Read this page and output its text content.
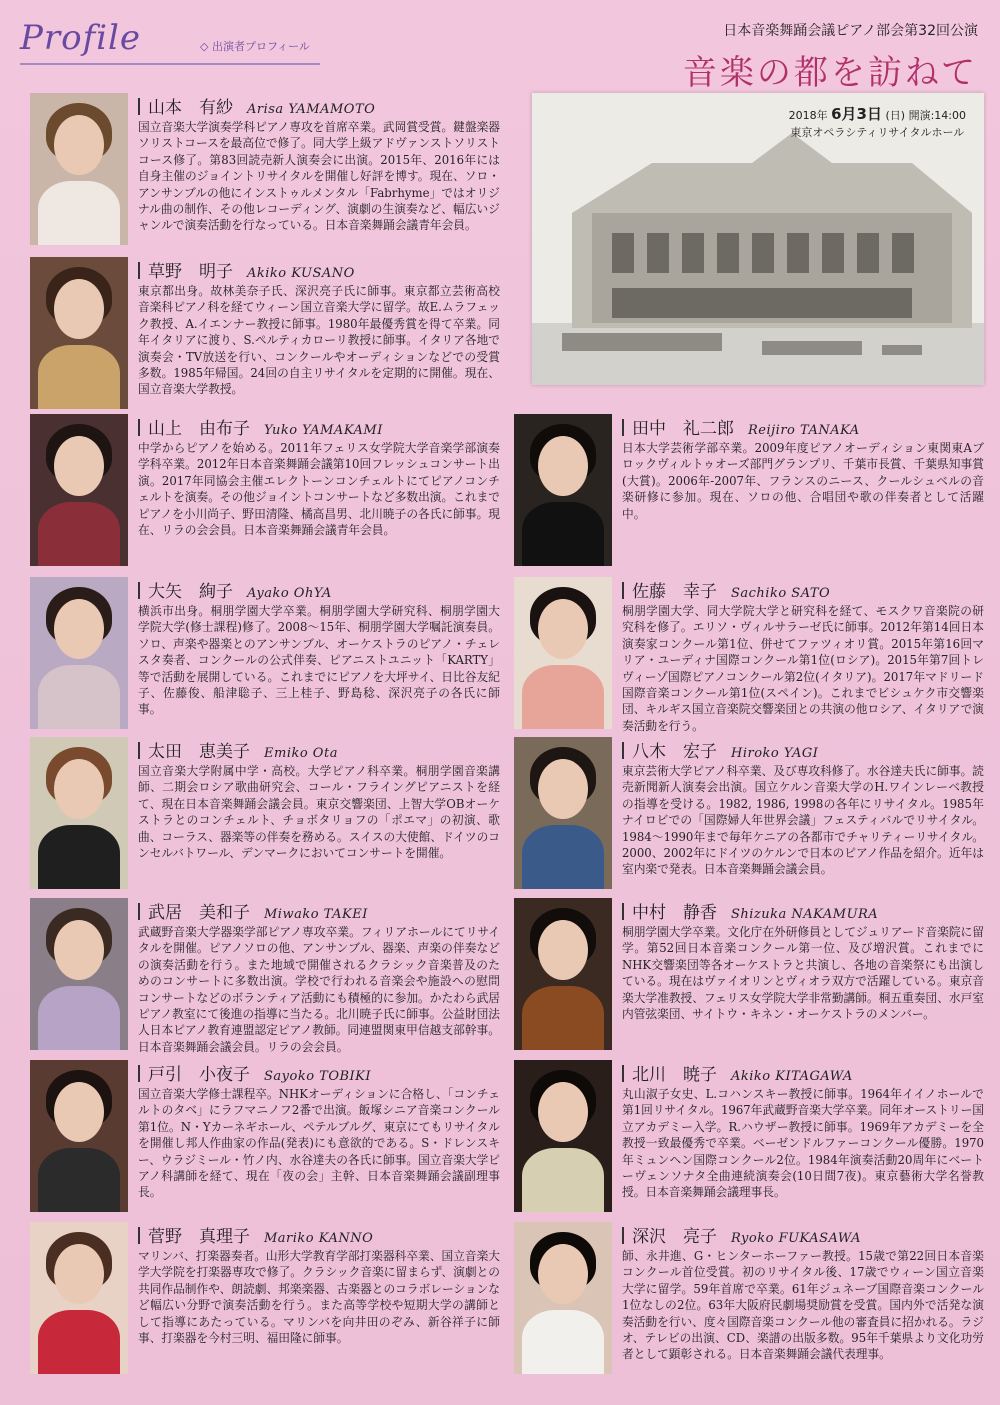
Profile	◇ 出演者プロフィール
日本音楽舞踊会議ピアノ部会第32回公演
音楽の都を訪ねて
2018年 6月3日 (日) 開演:14:00
東京オペラシティリサイタルホール
山本　有紗 Arisa YAMAMOTO
国立音楽大学演奏学科ピアノ専攻を首席卒業。武岡賞受賞。鍵盤楽器ソリストコースを最高位で修了。同大学上級アドヴァンストソリストコース修了。第83回読売新人演奏会に出演。2015年、2016年には自身主催のジョイントリサイタルを開催し好評を博す。現在、ソロ・アンサンブルの他にインストゥルメンタル「Fabrhyme」ではオリジナル曲の制作、その他レコーディング、演劇の生演奏など、幅広いジャンルで演奏活動を行なっている。日本音楽舞踊会議青年会員。
草野　明子 Akiko KUSANO
東京都出身。故林美奈子氏、深沢亮子氏に師事。東京都立芸術高校音楽科ピアノ科を経てウィーン国立音楽大学に留学。故E.ムラフェック教授、A.イエンナー教授に師事。1980年最優秀賞を得て卒業。同年イタリアに渡り、S.ペルティカローリ教授に師事。イタリア各地で演奏会・TV放送を行い、コンクールやオーディションなどでの受賞多数。1985年帰国。24回の自主リサイタルを定期的に開催。現在、国立音楽大学教授。
山上　由布子 Yuko YAMAKAMI
中学からピアノを始める。2011年フェリス女学院大学音楽学部演奏学科卒業。2012年日本音楽舞踊会議第10回フレッシュコンサート出演。2017年同協会主催エレクトーンコンチェルトにてピアノコンチェルトを演奏。その他ジョイントコンサートなど多数出演。これまでピアノを小川尚子、野田清隆、橘高昌男、北川暁子の各氏に師事。現在、リラの会会員。日本音楽舞踊会議青年会員。
大矢　絢子 Ayako OhYA
横浜市出身。桐朋学園大学卒業。桐朋学園大学研究科、桐朋学園大学院大学(修士課程)修了。2008～15年、桐朋学園大学嘱託演奏員。ソロ、声楽や器楽とのアンサンブル、オーケストラのピアノ・チェレスタ奏者、コンクールの公式伴奏、ピアニストユニット「KARTY」等で活動を展開している。これまでにピアノを大坪サイ、日比谷友紀子、佐藤俊、船津聡子、三上桂子、野島稔、深沢亮子の各氏に師事。
太田　恵美子 Emiko Ota
国立音楽大学附属中学・高校。大学ピアノ科卒業。桐朋学園音楽講師、二期会ロシア歌曲研究会、コール・フライングピアニストを経て、現在日本音楽舞踊会議会員。東京交響楽団、上智大学OBオーケストラとのコンチェルト、チョボタリョフの「ポエマ」の初演、歌曲、コーラス、器楽等の伴奏を務める。スイスの大使館、ドイツのコンセルバトワール、デンマークにおいてコンサートを開催。
武居　美和子 Miwako TAKEI
武蔵野音楽大学器楽学部ピアノ専攻卒業。フィリアホールにてリサイタルを開催。ピアノソロの他、アンサンブル、器楽、声楽の伴奏などの演奏活動を行う。また地域で開催されるクラシック音楽普及のためのコンサートに多数出演。学校で行われる音楽会や施設への慰問コンサートなどのボランティア活動にも積極的に参加。かたわら武居ピアノ教室にて後進の指導に当たる。北川暁子氏に師事。公益財団法人日本ピアノ教育連盟認定ピアノ教師。同連盟関東甲信越支部幹事。日本音楽舞踊会議会員。リラの会会員。
戸引　小夜子 Sayoko TOBIKI
国立音楽大学修士課程卒。NHKオーディションに合格し、「コンチェルトのタべ」にラフマニノフ2番で出演。飯塚シニア音楽コンクール第1位。N・Yカーネギホール、ペテルブルグ、東京にてもリサイタルを開催し邦人作曲家の作品(発表)にも意欲的である。S・ドレンスキー、ウラジミール・竹ノ内、水谷達夫の各氏に師事。国立音楽大学ピアノ科講師を経て、現在「夜の会」主幹、日本音楽舞踊会議副理事長。
菅野　真理子 Mariko KANNO
マリンバ、打楽器奏者。山形大学教育学部打楽器科卒業、国立音楽大学大学院を打楽器専攻で修了。クラシック音楽に留まらず、演劇との共同作品制作や、朗読劇、邦楽楽器、古楽器とのコラボレーションなど幅広い分野で演奏活動を行う。また高等学校や短期大学の講師として指導にあたっている。マリンバを向井田のぞみ、新谷祥子に師事、打楽器を今村三明、福田隆に師事。
田中　礼二郎 Reijiro TANAKA
日本大学芸術学部卒業。2009年度ピアノオーディション東関東Aブロックヴィルトゥオーズ部門グランプリ、千葉市長賞、千葉県知事賞(大賞)。2006年-2007年、フランスのニース、クールシュベルの音楽研修に参加。現在、ソロの他、合唱団や歌の伴奏者として活躍中。
佐藤　幸子 Sachiko SATO
桐朋学園大学、同大学院大学と研究科を経て、モスクワ音楽院の研究科を修了。エリソ・ヴィルサラーゼ氏に師事。2012年第14回日本演奏家コンクール第1位、併せてファツィオリ賞。2015年第16回マリア・ユーディナ国際コンクール第1位(ロシア)。2015年第7回トレヴィーゾ国際ピアノコンクール第2位(イタリア)。2017年マドリード国際音楽コンクール第1位(スペイン)。これまでビシュケク市交響楽団、キルギス国立音楽院交響楽団との共演の他ロシア、イタリアで演奏活動を行う。
八木　宏子 Hiroko YAGI
東京芸術大学ピアノ科卒業、及び専攻科修了。水谷達夫氏に師事。読売新聞新人演奏会出演。国立ケルン音楽大学のH.ワインレーベ教授の指導を受ける。1982, 1986, 1998の各年にリサイタル。1985年ナイロビでの「国際婦人年世界会議」フェスティバルでリサイタル。1984～1990年まで毎年ケニアの各都市でチャリティーリサイタル。2000、2002年にドイツのケルンで日本のピアノ作品を紹介。近年は室内楽で発表。日本音楽舞踊会議会員。
中村　静香 Shizuka NAKAMURA
桐朋学園大学卒業。文化庁在外研修員としてジュリアード音楽院に留学。第52回日本音楽コンクール第一位、及び増沢賞。これまでにNHK交響楽団等各オーケストラと共演し、各地の音楽祭にも出演している。現在はヴァイオリンとヴィオラ双方で活躍している。東京音楽大学准教授、フェリス女学院大学非常勤講師。桐五重奏団、水戸室内管弦楽団、サイトウ・キネン・オーケストラのメンバー。
北川　暁子 Akiko KITAGAWA
丸山淑子女史、L.コハンスキー教授に師事。1964年イイノホールで第1回リサイタル。1967年武蔵野音楽大学卒業。同年オーストリー国立アカデミー入学。R.ハウザー教授に師事。1969年アカデミーを全教授一致最優秀で卒業。ベーゼンドルファーコンクール優勝。1970年ミュンヘン国際コンクール2位。1984年演奏活動20周年にベートーヴェンソナタ全曲連続演奏会(10日間7夜)。東京藝術大学名誉教授。日本音楽舞踊会議理事長。
深沢　亮子 Ryoko FUKASAWA
師、永井進、G・ヒンターホーファー教授。15歳で第22回日本音楽コンクール首位受賞。初のリサイタル後、17歳でウィーン国立音楽大学に留学。59年首席で卒業。61年ジュネーブ国際音楽コンクール1位なしの2位。63年大阪府民劇場奨励賞を受賞。国内外で活発な演奏活動を行い、度々国際音楽コンクール他の審査員に招かれる。ラジオ、テレビの出演、CD、楽譜の出版多数。95年千葉県より文化功労者として顕彰される。日本音楽舞踊会議代表理事。
